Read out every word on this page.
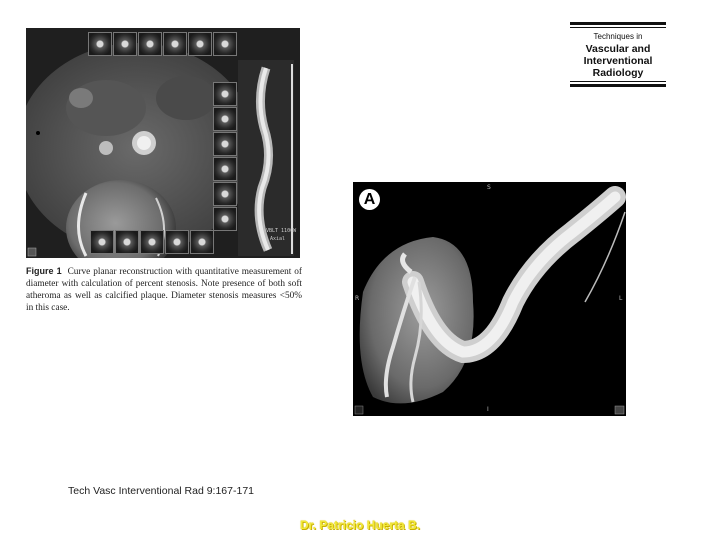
VBLT 1100W
Axial
Techniques in
Vascular and
Interventional
Radiology
Figure 1 Curve planar reconstruction with quantitative measurement of diameter with calculation of percent stenosis. Note presence of both soft atheroma as well as calcified plaque. Diameter stenosis measures <50% in this case.
A
S
I
R	L
Tech Vasc Interventional Rad 9:167-171
Dr. Patricio Huerta B.
